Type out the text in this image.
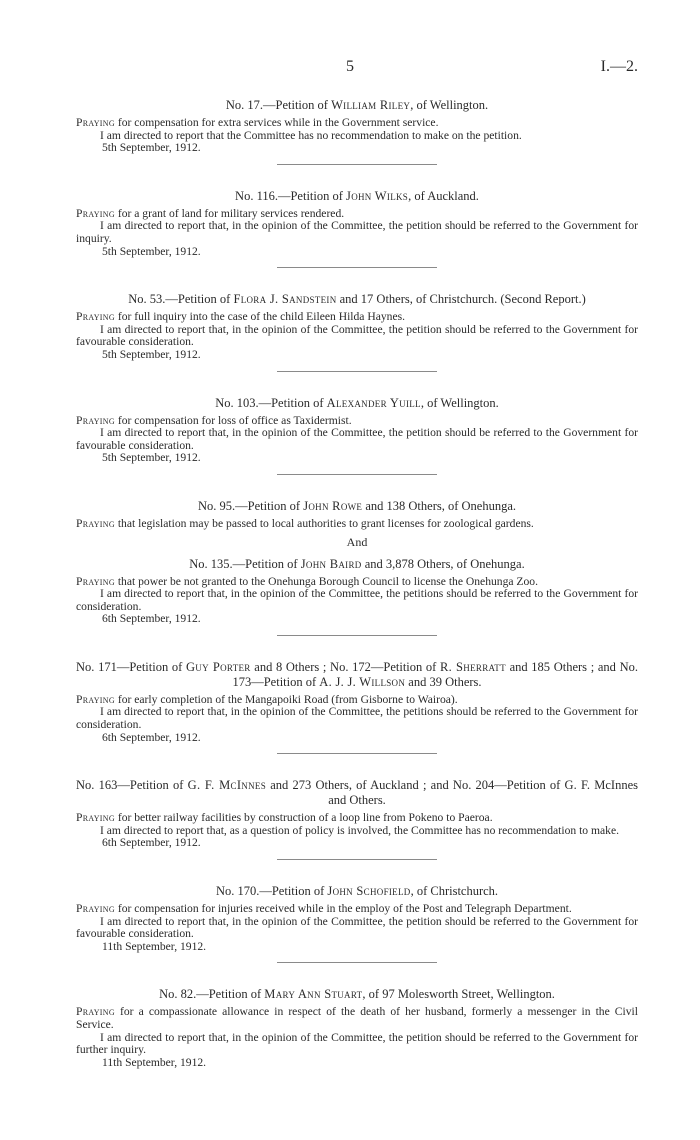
5	I.—2.

No. 17.—Petition of William Riley, of Wellington.

Praying for compensation for extra services while in the Government service.

I am directed to report that the Committee has no recommendation to make on the petition.

5th September, 1912.

No. 116.—Petition of John Wilks, of Auckland.

Praying for a grant of land for military services rendered.

I am directed to report that, in the opinion of the Committee, the petition should be referred to the Government for inquiry.

5th September, 1912.

No. 53.—Petition of Flora J. Sandstein and 17 Others, of Christchurch. (Second Report.)

Praying for full inquiry into the case of the child Eileen Hilda Haynes.

I am directed to report that, in the opinion of the Committee, the petition should be referred to the Government for favourable consideration.

5th September, 1912.

No. 103.—Petition of Alexander Yuill, of Wellington.

Praying for compensation for loss of office as Taxidermist.

I am directed to report that, in the opinion of the Committee, the petition should be referred to the Government for favourable consideration.

5th September, 1912.

No. 95.—Petition of John Rowe and 138 Others, of Onehunga.

Praying that legislation may be passed to local authorities to grant licenses for zoological gardens.

And

No. 135.—Petition of John Baird and 3,878 Others, of Onehunga.

Praying that power be not granted to the Onehunga Borough Council to license the Onehunga Zoo.

I am directed to report that, in the opinion of the Committee, the petitions should be referred to the Government for consideration.

6th September, 1912.

No. 171—Petition of Guy Porter and 8 Others ; No. 172—Petition of R. Sherratt and 185 Others ; and No. 173—Petition of A. J. J. Willson and 39 Others.

Praying for early completion of the Mangapoiki Road (from Gisborne to Wairoa).

I am directed to report that, in the opinion of the Committee, the petitions should be referred to the Government for consideration.

6th September, 1912.

No. 163—Petition of G. F. McInnes and 273 Others, of Auckland ; and No. 204—Petition of G. F. McInnes and Others.

Praying for better railway facilities by construction of a loop line from Pokeno to Paeroa.

I am directed to report that, as a question of policy is involved, the Committee has no recommendation to make.

6th September, 1912.

No. 170.—Petition of John Schofield, of Christchurch.

Praying for compensation for injuries received while in the employ of the Post and Telegraph Department.

I am directed to report that, in the opinion of the Committee, the petition should be referred to the Government for favourable consideration.

11th September, 1912.

No. 82.—Petition of Mary Ann Stuart, of 97 Molesworth Street, Wellington.

Praying for a compassionate allowance in respect of the death of her husband, formerly a messenger in the Civil Service.

I am directed to report that, in the opinion of the Committee, the petition should be referred to the Government for further inquiry.

11th September, 1912.
